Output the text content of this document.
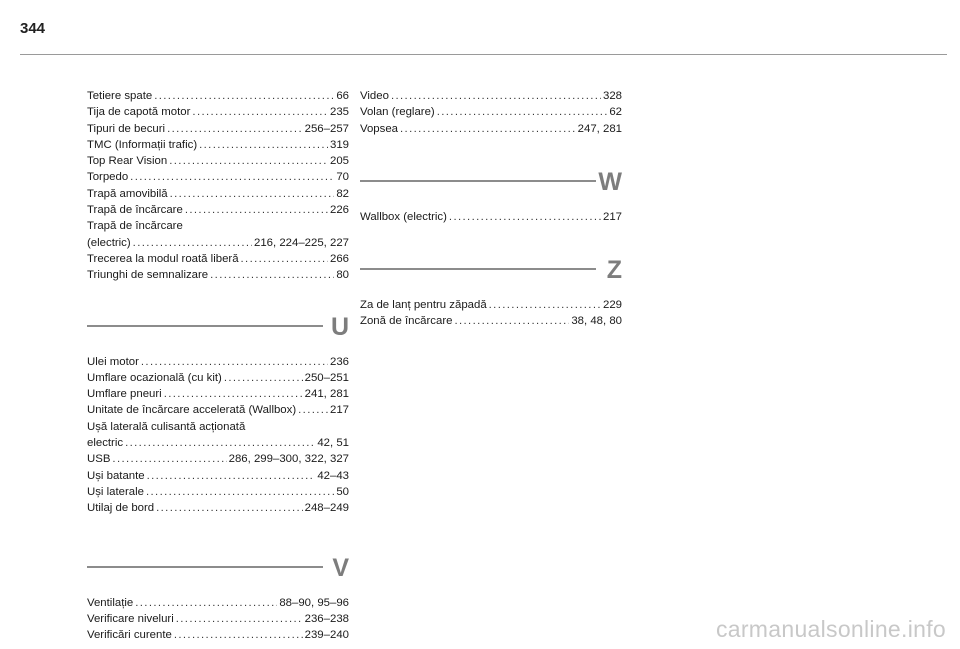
344
Tetiere spate . . .	66
Tija de capotă motor . . .	235
Tipuri de becuri . . .	256–257
TMC (Informații trafic) . . .	319
Top Rear Vision . . .	205
Torpedo . . .	70
Trapă amovibilă . . .	82
Trapă de încărcare . . .	226
Trapă de încărcare
(electric) . . .	216, 224–225, 227
Trecerea la modul roată liberă . . .	266
Triunghi de semnalizare . . .	80
U
Ulei motor . . .	236
Umflare ocazională (cu kit) . . .	250–251
Umflare pneuri . . .	241, 281
Unitate de încărcare accelerată (Wallbox) . . .	217
Ușă laterală culisantă acționată
electric . . .	42, 51
USB . . .	286, 299–300, 322, 327
Uși batante . . .	42–43
Uși laterale . . .	50
Utilaj de bord . . .	248–249
V
Ventilație . . .	88–90, 95–96
Verificare niveluri . . .	236–238
Verificări curente . . .	239–240
Video . . .	328
Volan (reglare) . . .	62
Vopsea . . .	247, 281
W
Wallbox (electric) . . .	217
Z
Za de lanț pentru zăpadă . . .	229
Zonă de încărcare . . .	38, 48, 80
carmanualsonline.info
